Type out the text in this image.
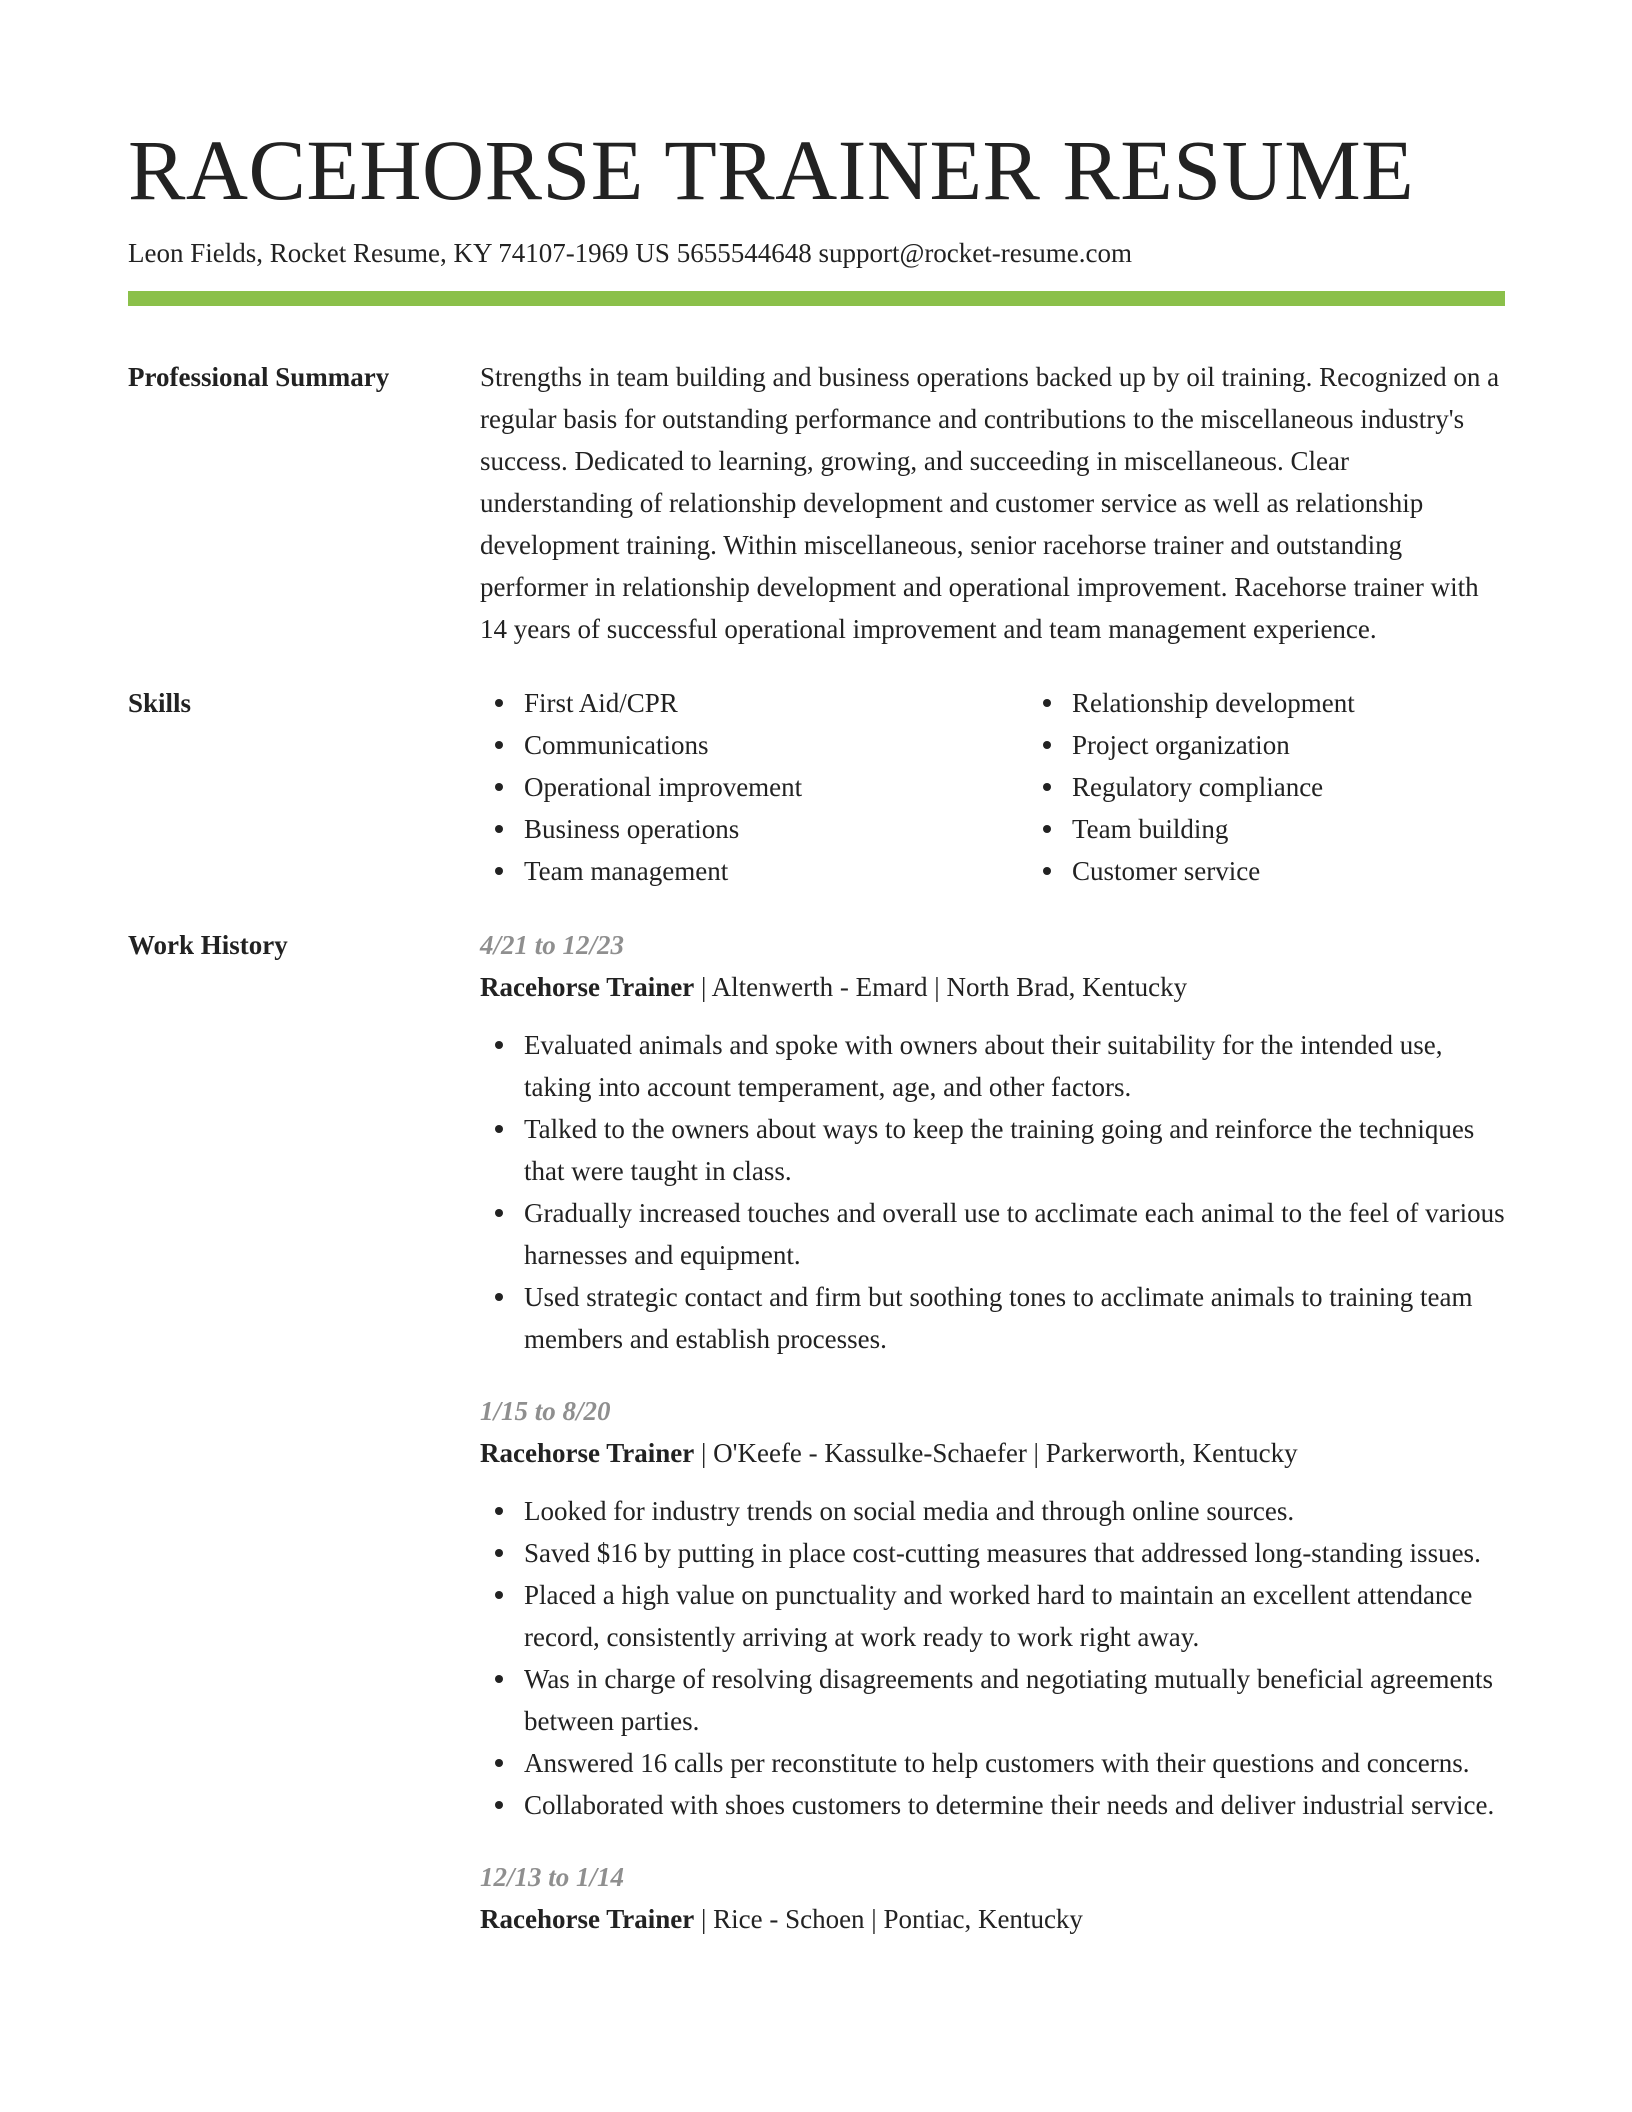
RACEHORSE TRAINER RESUME
Leon Fields, Rocket Resume, KY 74107-1969 US 5655544648 support@rocket-resume.com
Professional Summary	Strengths in team building and business operations backed up by oil training. Recognized on a regular basis for outstanding performance and contributions to the miscellaneous industry's success. Dedicated to learning, growing, and succeeding in miscellaneous. Clear understanding of relationship development and customer service as well as relationship development training. Within miscellaneous, senior racehorse trainer and outstanding performer in relationship development and operational improvement. Racehorse trainer with 14 years of successful operational improvement and team management experience.

Skills	First Aid/CPR
Communications
Operational improvement
Business operations
Team management
Relationship development
Project organization
Regulatory compliance
Team building
Customer service
Work History	4/21 to 12/23
Racehorse Trainer | Altenwerth - Emard | North Brad, Kentucky
Evaluated animals and spoke with owners about their suitability for the intended use, taking into account temperament, age, and other factors.
Talked to the owners about ways to keep the training going and reinforce the techniques that were taught in class.
Gradually increased touches and overall use to acclimate each animal to the feel of various harnesses and equipment.
Used strategic contact and firm but soothing tones to acclimate animals to training team members and establish processes.
1/15 to 8/20
Racehorse Trainer | O'Keefe - Kassulke-Schaefer | Parkerworth, Kentucky
Looked for industry trends on social media and through online sources.
Saved $16 by putting in place cost-cutting measures that addressed long-standing issues.
Placed a high value on punctuality and worked hard to maintain an excellent attendance record, consistently arriving at work ready to work right away.
Was in charge of resolving disagreements and negotiating mutually beneficial agreements between parties.
Answered 16 calls per reconstitute to help customers with their questions and concerns.
Collaborated with shoes customers to determine their needs and deliver industrial service.
12/13 to 1/14
Racehorse Trainer | Rice - Schoen | Pontiac, Kentucky
